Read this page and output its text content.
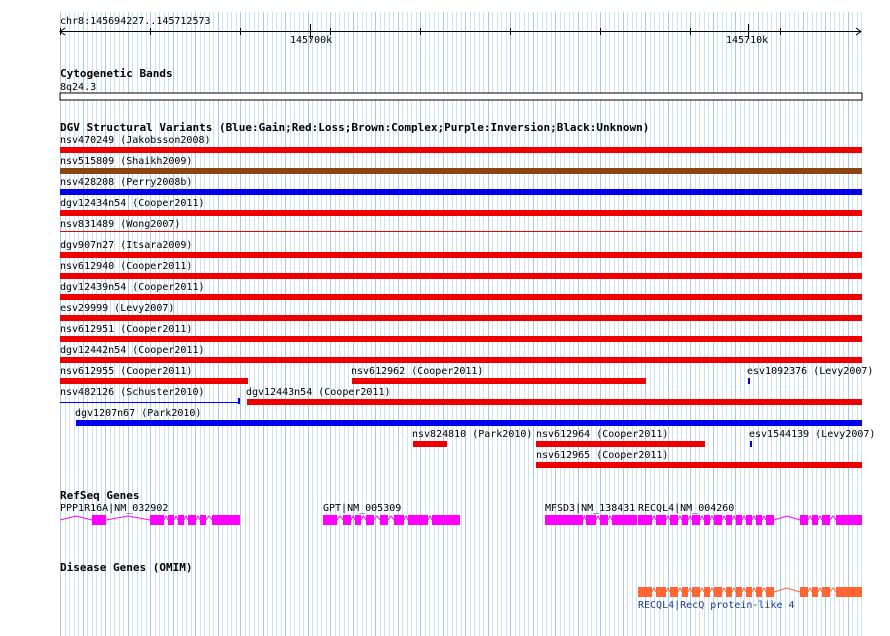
chr8:145694227..145712573
145700k	145710k
Cytogenetic Bands
8q24.3
DGV Structural Variants (Blue:Gain;Red:Loss;Brown:Complex;Purple:Inversion;Black:Unknown)
nsv470249 (Jakobsson2008)
nsv515809 (Shaikh2009)
nsv428208 (Perry2008b)
dgv12434n54 (Cooper2011)
nsv831489 (Wong2007)
dgv907n27 (Itsara2009)
nsv612940 (Cooper2011)
dgv12439n54 (Cooper2011)
esv29999 (Levy2007)
nsv612951 (Cooper2011)
dgv12442n54 (Cooper2011)
nsv612955 (Cooper2011)	nsv612962 (Cooper2011)	esv1092376 (Levy2007)
nsv482126 (Schuster2010)	dgv12443n54 (Cooper2011)
dgv1207n67 (Park2010)
nsv824810 (Park2010) nsv612964 (Cooper2011)	esv1544139 (Levy2007)
nsv612965 (Cooper2011)
RefSeq Genes
PPP1R16A|NM_032902	GPT|NM_005309	MFSD3|NM_138431 RECQL4|NM_004260
Disease Genes (OMIM)
RECQL4|RecQ protein-like 4
